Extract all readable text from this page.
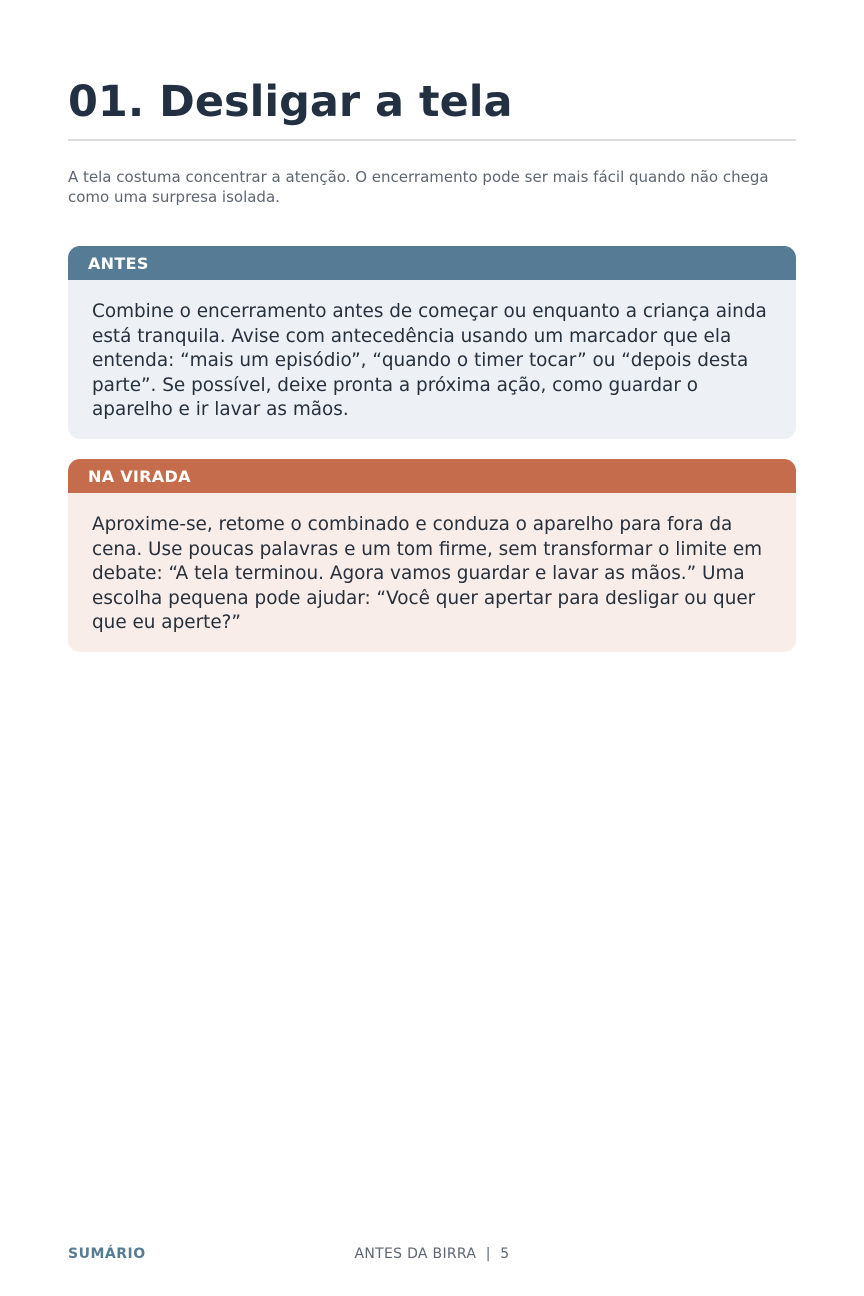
01. Desligar a tela

A tela costuma concentrar a atenção. O encerramento pode ser mais fácil quando não chega como uma surpresa isolada.

ANTES
Combine o encerramento antes de começar ou enquanto a criança ainda está tranquila. Avise com antecedência usando um marcador que ela entenda: “mais um episódio”, “quando o timer tocar” ou “depois desta parte”. Se possível, deixe pronta a próxima ação, como guardar o aparelho e ir lavar as mãos.
NA VIRADA
Aproxime-se, retome o combinado e conduza o aparelho para fora da cena. Use poucas palavras e um tom firme, sem transformar o limite em debate: “A tela terminou. Agora vamos guardar e lavar as mãos.” Uma escolha pequena pode ajudar: “Você quer apertar para desligar ou quer que eu aperte?”
SUMÁRIO	ANTES DA BIRRA  |  5
